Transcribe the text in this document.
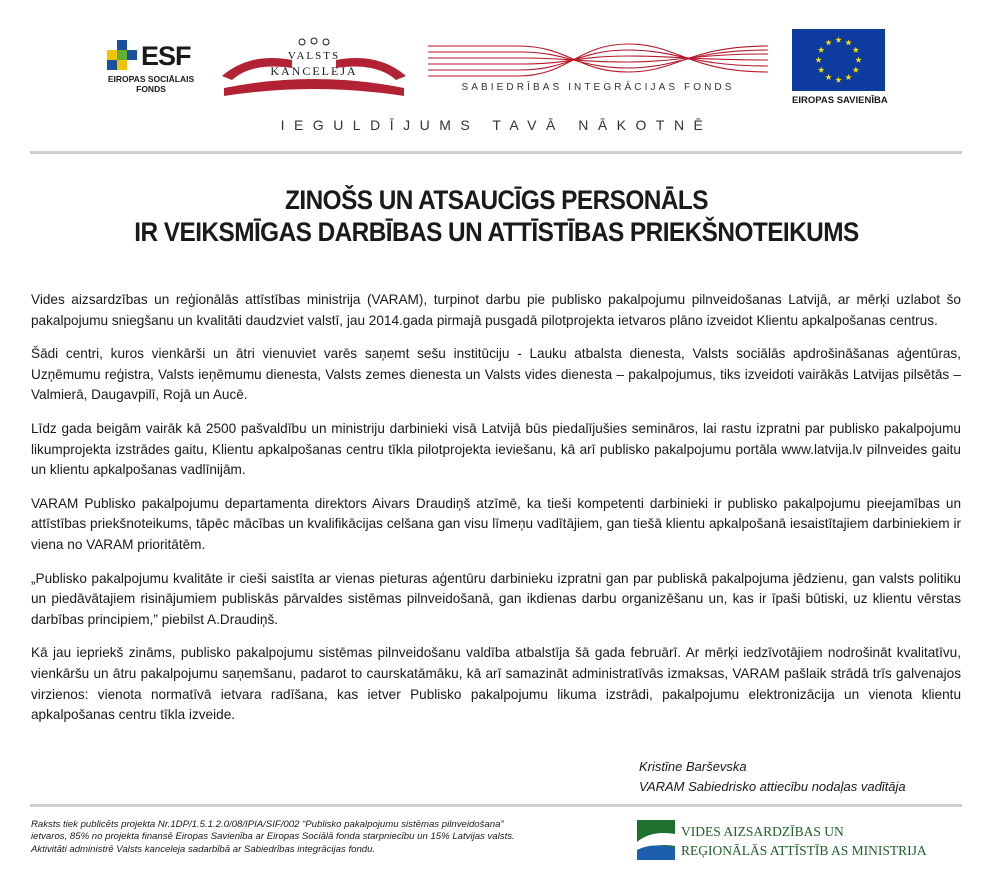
ESF
EIROPAS SOCIĀLAIS
FONDS
VALSTS
KANCELEJA
SABIEDRĪBAS INTEGRĀCIJAS FONDS
EIROPAS SAVIENĪBA
IEGULDĪJUMS TAVĀ NĀKOTNĒ
ZINOŠS UN ATSAUCĪGS PERSONĀLS
IR VEIKSMĪGAS DARBĪBAS UN ATTĪSTĪBAS PRIEKŠNOTEIKUMS

Vides aizsardzības un reģionālās attīstības ministrija (VARAM), turpinot darbu pie publisko pakalpojumu pilnveidošanas Latvijā, ar mērķi uzlabot šo pakalpojumu sniegšanu un kvalitāti daudzviet valstī, jau 2014.gada pirmajā pusgadā pilotprojekta ietvaros plāno izveidot Klientu apkalpošanas centrus.

Šādi centri, kuros vienkārši un ātri vienuviet varēs saņemt sešu institūciju - Lauku atbalsta dienesta, Valsts sociālās apdrošināšanas aģentūras, Uzņēmumu reģistra, Valsts ieņēmumu dienesta, Valsts zemes dienesta un Valsts vides dienesta – pakalpojumus, tiks izveidoti vairākās Latvijas pilsētās – Valmierā, Daugavpilī, Rojā un Aucē.

Līdz gada beigām vairāk kā 2500 pašvaldību un ministriju darbinieki visā Latvijā būs piedalījušies semināros, lai rastu izpratni par publisko pakalpojumu likumprojekta izstrādes gaitu, Klientu apkalpošanas centru tīkla pilotprojekta ieviešanu, kā arī publisko pakalpojumu portāla www.latvija.lv pilnveides gaitu un klientu apkalpošanas vadlīnijām.

VARAM Publisko pakalpojumu departamenta direktors Aivars Draudiņš atzīmē, ka tieši kompetenti darbinieki ir publisko pakalpojumu pieejamības un attīstības priekšnoteikums, tāpēc mācības un kvalifikācijas celšana gan visu līmeņu vadītājiem, gan tiešā klientu apkalpošanā iesaistītajiem darbiniekiem ir viena no VARAM prioritātēm.

„Publisko pakalpojumu kvalitāte ir cieši saistīta ar vienas pieturas aģentūru darbinieku izpratni gan par publiskā pakalpojuma jēdzienu, gan valsts politiku un piedāvātajiem risinājumiem publiskās pārvaldes sistēmas pilnveidošanā, gan ikdienas darbu organizēšanu un, kas ir īpaši būtiski, uz klientu vērstas darbības principiem,” piebilst A.Draudiņš.

Kā jau iepriekš zināms, publisko pakalpojumu sistēmas pilnveidošanu valdība atbalstīja šā gada februārī. Ar mērķi iedzīvotājiem nodrošināt kvalitatīvu, vienkāršu un ātru pakalpojumu saņemšanu, padarot to caurskatāmāku, kā arī samazināt administratīvās izmaksas, VARAM pašlaik strādā trīs galvenajos virzienos: vienota normatīvā ietvara radīšana, kas ietver Publisko pakalpojumu likuma izstrādi, pakalpojumu elektronizācija un vienota klientu apkalpošanas centru tīkla izveide.

Kristīne Barševska
VARAM Sabiedrisko attiecību nodaļas vadītāja
Raksts tiek publicēts projekta Nr.1DP/1.5.1.2.0/08/IPIA/SIF/002 “Publisko pakalpojumu sistēmas pilnveidošana”
ietvaros, 85% no projekta finansē Eiropas Savienība ar Eiropas Sociālā fonda starpniecību un 15% Latvijas valsts.
Aktivitāti administrē Valsts kanceleja sadarbībā ar Sabiedrības integrācijas fondu.
VIDES AIZSARDZĪBAS UN
REĢIONĀLĀS ATTĪSTĪB AS MINISTRIJA
